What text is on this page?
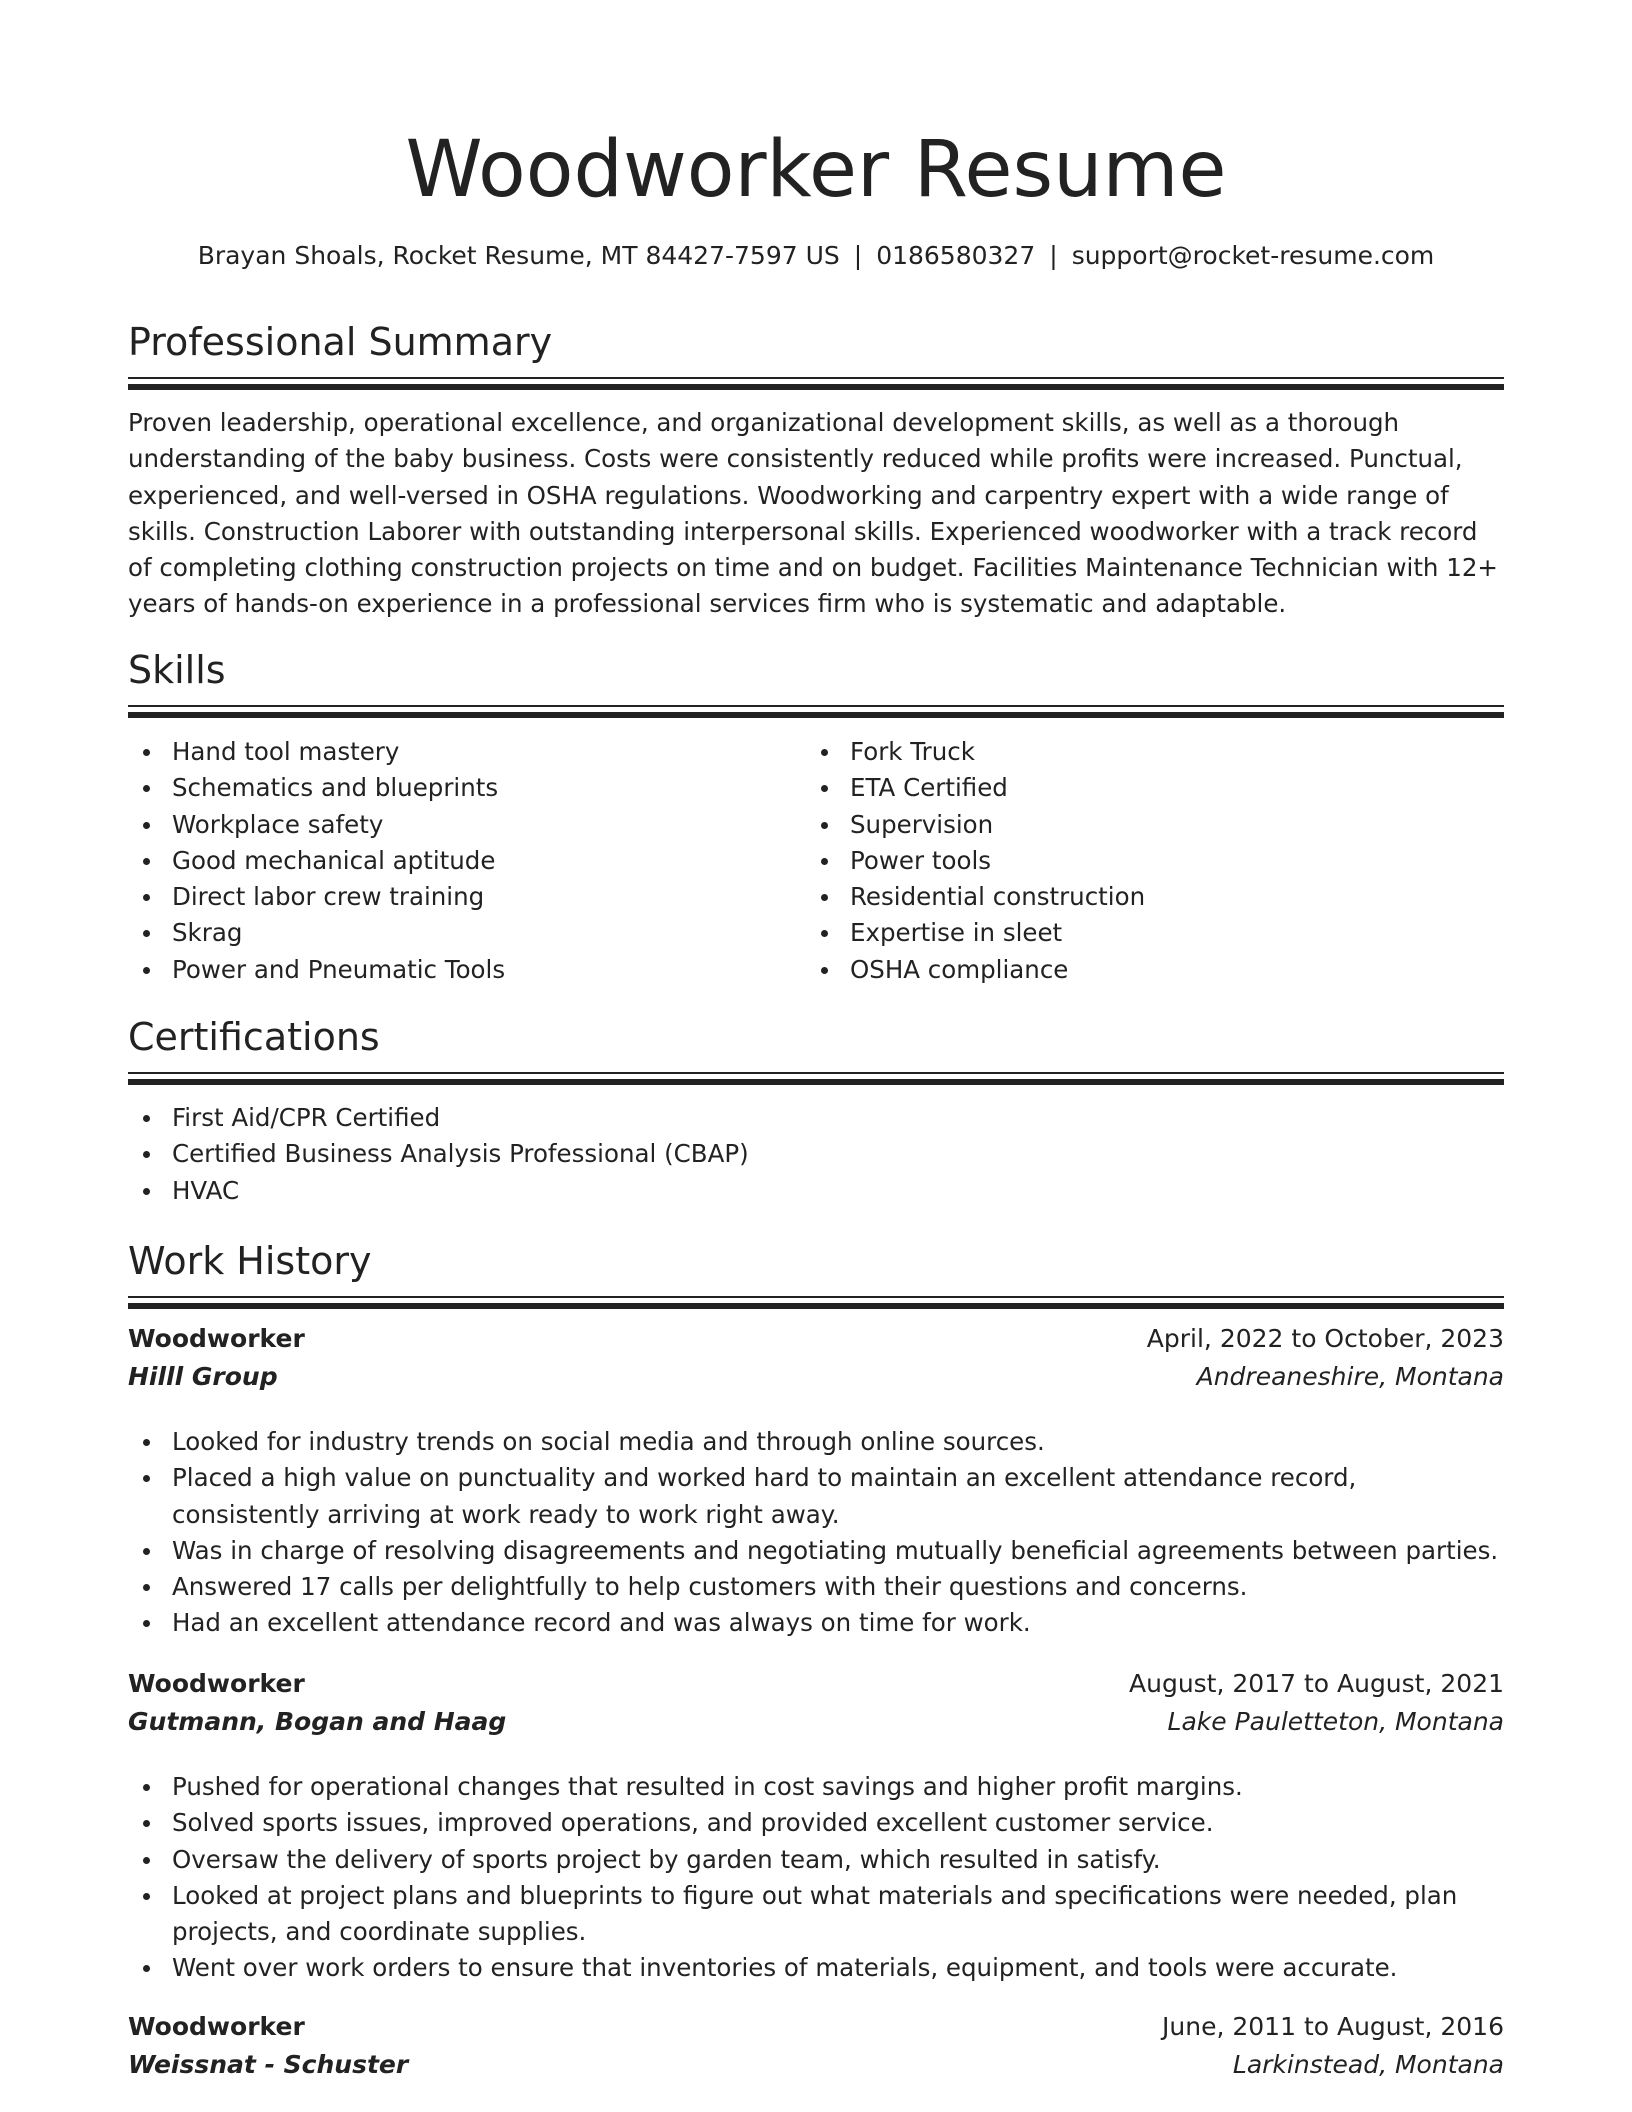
Woodworker Resume
Brayan Shoals, Rocket Resume, MT 84427-7597 US | 0186580327 | support@rocket-resume.com
Professional Summary
Proven leadership, operational excellence, and organizational development skills, as well as a thorough understanding of the baby business. Costs were consistently reduced while profits were increased. Punctual, experienced, and well-versed in OSHA regulations. Woodworking and carpentry expert with a wide range of skills. Construction Laborer with outstanding interpersonal skills. Experienced woodworker with a track record of completing clothing construction projects on time and on budget. Facilities Maintenance Technician with 12+ years of hands-on experience in a professional services firm who is systematic and adaptable.
Skills
Hand tool mastery
Schematics and blueprints
Workplace safety
Good mechanical aptitude
Direct labor crew training
Skrag
Power and Pneumatic Tools
Fork Truck
ETA Certified
Supervision
Power tools
Residential construction
Expertise in sleet
OSHA compliance
Certifications
First Aid/CPR Certified
Certified Business Analysis Professional (CBAP)
HVAC
Work History
Woodworker	April, 2022 to October, 2023
Hilll Group	Andreaneshire, Montana
Looked for industry trends on social media and through online sources.
Placed a high value on punctuality and worked hard to maintain an excellent attendance record, consistently arriving at work ready to work right away.
Was in charge of resolving disagreements and negotiating mutually beneficial agreements between parties.
Answered 17 calls per delightfully to help customers with their questions and concerns.
Had an excellent attendance record and was always on time for work.
Woodworker	August, 2017 to August, 2021
Gutmann, Bogan and Haag	Lake Pauletteton, Montana
Pushed for operational changes that resulted in cost savings and higher profit margins.
Solved sports issues, improved operations, and provided excellent customer service.
Oversaw the delivery of sports project by garden team, which resulted in satisfy.
Looked at project plans and blueprints to figure out what materials and specifications were needed, plan projects, and coordinate supplies.
Went over work orders to ensure that inventories of materials, equipment, and tools were accurate.
Woodworker	June, 2011 to August, 2016
Weissnat - Schuster	Larkinstead, Montana
